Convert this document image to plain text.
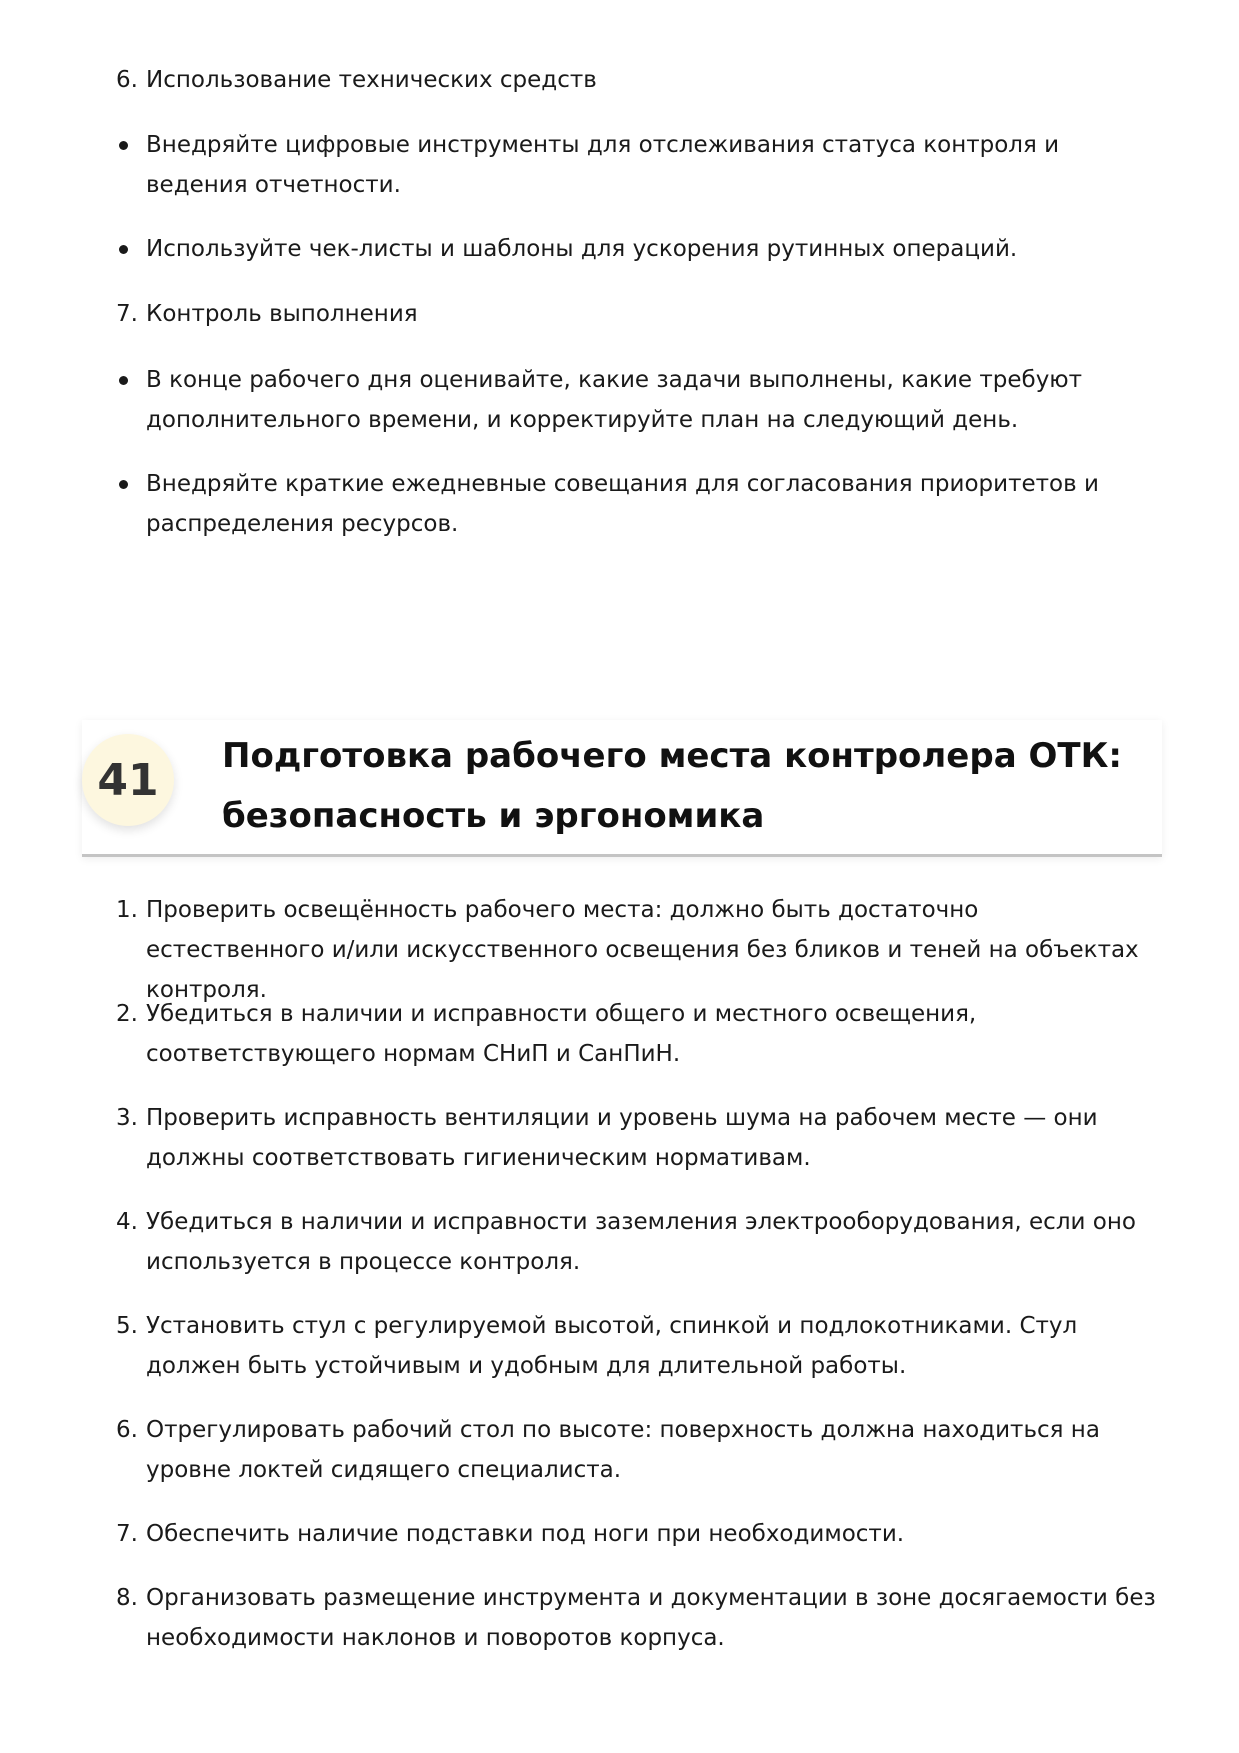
6. Использование технических средств
Внедряйте цифровые инструменты для отслеживания статуса контроля и ведения отчетности.
Используйте чек-листы и шаблоны для ускорения рутинных операций.
7. Контроль выполнения
В конце рабочего дня оценивайте, какие задачи выполнены, какие требуют дополнительного времени, и корректируйте план на следующий день.
Внедряйте краткие ежедневные совещания для согласования приоритетов и распределения ресурсов.
41	Подготовка рабочего места контролера ОТК: безопасность и эргономика
1. Проверить освещённость рабочего места: должно быть достаточно естественного и/или искусственного освещения без бликов и теней на объектах контроля.
2. Убедиться в наличии и исправности общего и местного освещения, соответствующего нормам СНиП и СанПиН.
3. Проверить исправность вентиляции и уровень шума на рабочем месте — они должны соответствовать гигиеническим нормативам.
4. Убедиться в наличии и исправности заземления электрооборудования, если оно используется в процессе контроля.
5. Установить стул с регулируемой высотой, спинкой и подлокотниками. Стул должен быть устойчивым и удобным для длительной работы.
6. Отрегулировать рабочий стол по высоте: поверхность должна находиться на уровне локтей сидящего специалиста.
7. Обеспечить наличие подставки под ноги при необходимости.
8. Организовать размещение инструмента и документации в зоне досягаемости без необходимости наклонов и поворотов корпуса.
